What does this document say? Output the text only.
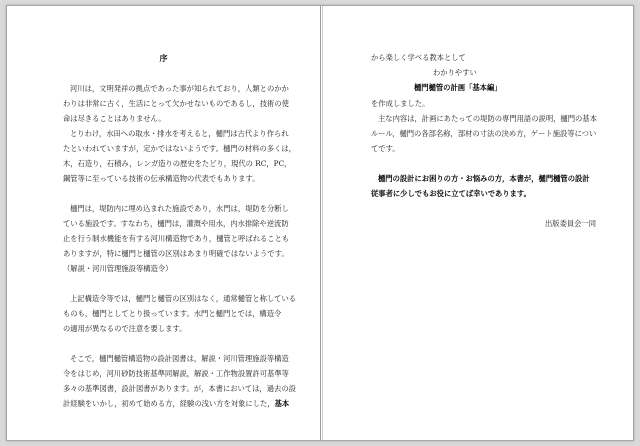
序
河川は，文明発祥の拠点であった事が知られており，人類とのかか
わりは非常に古く，生活にとって欠かせないものであるし，技術の使
命は尽きることはありません。
とりわけ，水田への取水・排水を考えると，樋門は古代より作られ
たといわれていますが，定かではないようです。樋門の材料の多くは，
木，石造り，石積み，レンガ造りの歴史をたどり，現代の RC，PC，
鋼管等に至っている技術の伝承構造物の代表でもあります。
樋門は，堤防内に埋め込まれた施設であり，水門は，堤防を分断し
ている施設です。すなわち，樋門は，灌漑や用水，内水排除や逆流防
止を行う制水機能を有する河川構造物であり，樋管と呼ばれることも
ありますが，特に樋門と樋管の区別はあまり明確ではないようです。
（解説・河川管理施設等構造令）
上記構造令等では，樋門と樋管の区別はなく，通常樋管と称している
ものも，樋門としてとり扱っています。水門と樋門とでは，構造令
の適用が異なるので注意を要します。
そこで，樋門樋管構造物の設計図書は，解説・河川管理施設等構造
令をはじめ，河川砂防技術基準同解説，解説・工作物設置許可基準等
多々の基準図書，設計図書があります。が，本書においては，過去の設
計経験をいかし，初めて始める方，経験の浅い方を対象にした，基本
から楽しく学べる教本として
わかりやすい
樋門樋管の計画「基本編」
を作成しました。
主な内容は，計画にあたっての堤防の専門用語の説明，樋門の基本
ルール，樋門の各部名称，部材の寸法の決め方，ゲート施設等につい
てです。
樋門の設計にお困りの方・お悩みの方，本書が，樋門樋管の設計
従事者に少しでもお役に立てば幸いであります。
出版委員会一同
